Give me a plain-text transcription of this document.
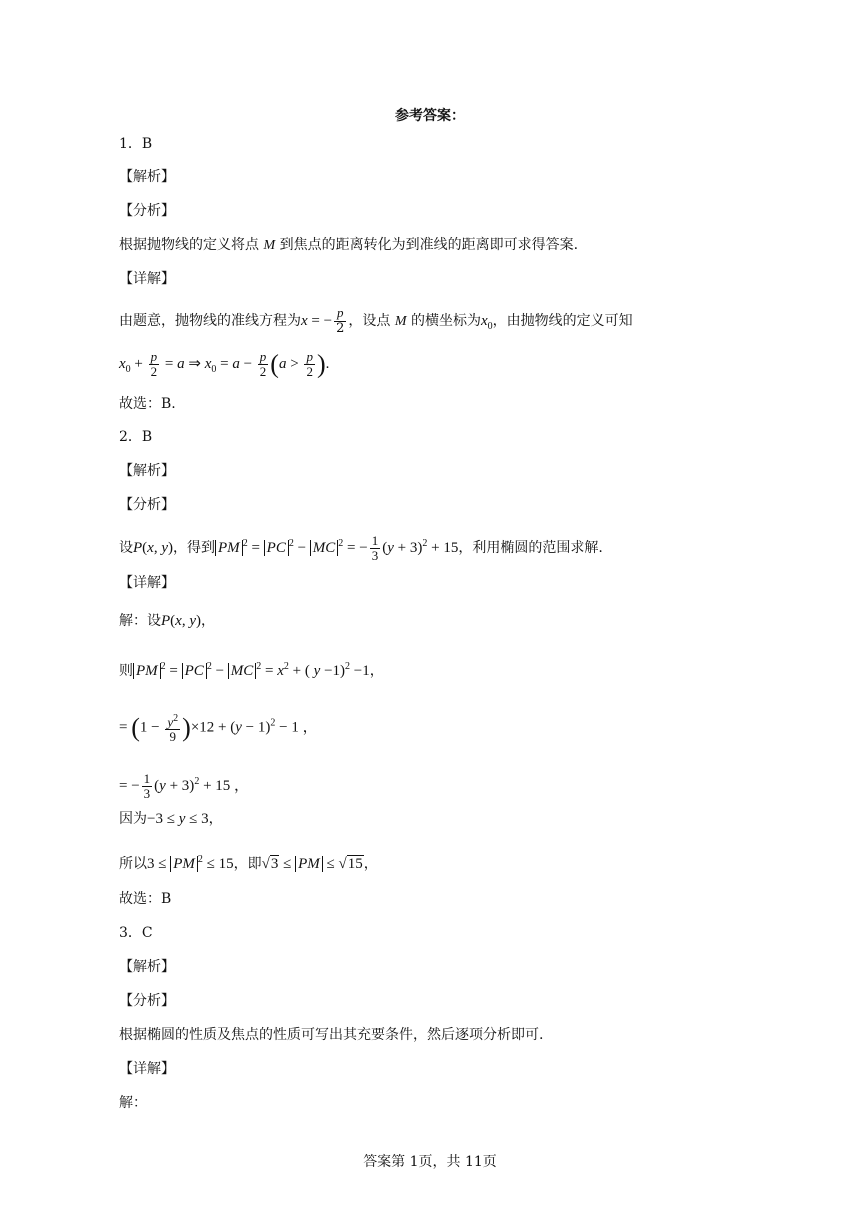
参考答案：
1．B
【解析】
【分析】
根据抛物线的定义将点 M 到焦点的距离转化为到准线的距离即可求得答案.
【详解】
由题意，抛物线的准线方程为x = − $\frac{p}{2}$ ，设点 M 的横坐标为$x_0$，由抛物线的定义可知
$x_0 + \frac{p}{2} = a$ ⇒ $x_0 = a - \frac{p}{2} (a > \frac{p}{2}$ ).
故选：B.
2．B
【解析】
【分析】
设P(x, y)，得到 PM $^2$ = PC $^2$ − MC $^2$ = − $\frac{1}{3} (y + 3)^2 + 15$，利用椭圆的范围求解.
【详解】
解：设P(x, y)，
则 PM $^2$ = PC $^2$ − MC $^2 = x^2$ + ( y −1)$^2$ −1，
= $(1 - \frac{y^2}{9} )\times 12 + (y - 1)^2 - 1$ ，
= − $\frac{1}{3} (y + 3)^2 + 15$ ，
因为−3 ≤ y ≤ 3，
所以3 ≤ PM $^2$ ≤ 15，即√3 ≤ PM ≤ √15，
故选：B
3．C
【解析】
【分析】
根据椭圆的性质及焦点的性质可写出其充要条件，然后逐项分析即可.
【详解】
解：
答案第 1页，共 11页
